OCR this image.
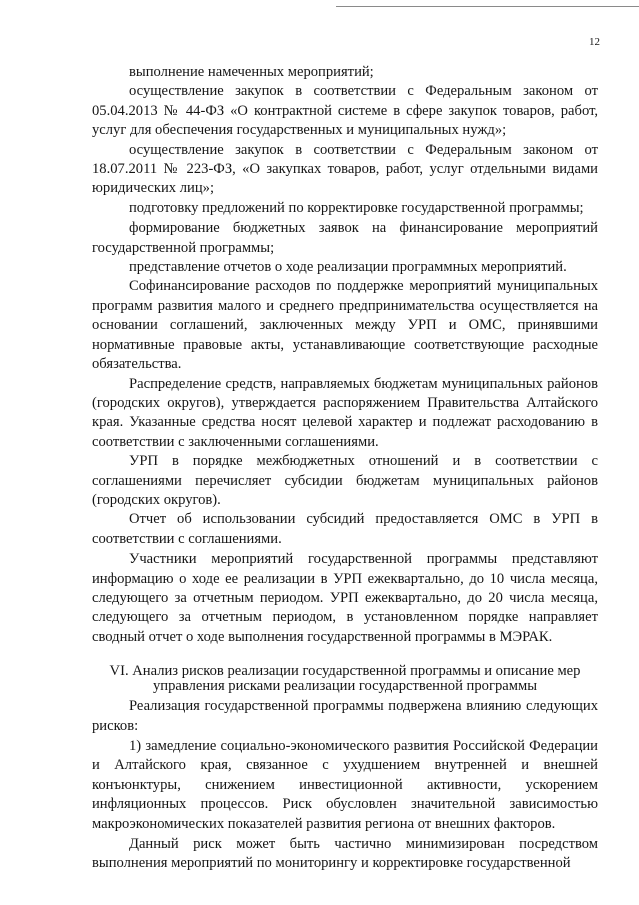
12

выполнение намеченных мероприятий;

осуществление закупок в соответствии с Федеральным законом от 05.04.2013 № 44-ФЗ «О контрактной системе в сфере закупок товаров, работ, услуг для обеспечения государственных и муниципальных нужд»;

осуществление закупок в соответствии с Федеральным законом от 18.07.2011 № 223-ФЗ, «О закупках товаров, работ, услуг отдельными видами юридических лиц»;

подготовку предложений по корректировке государственной программы;

формирование бюджетных заявок на финансирование мероприятий государственной программы;

представление отчетов о ходе реализации программных мероприятий.

Софинансирование расходов по поддержке мероприятий муниципальных программ развития малого и среднего предпринимательства осуществляется на основании соглашений, заключенных между УРП и ОМС, принявшими нормативные правовые акты, устанавливающие соответствующие расходные обязательства.

Распределение средств, направляемых бюджетам муниципальных районов (городских округов), утверждается распоряжением Правительства Алтайского края. Указанные средства носят целевой характер и подлежат расходованию в соответствии с заключенными соглашениями.

УРП в порядке межбюджетных отношений и в соответствии с соглашениями перечисляет субсидии бюджетам муниципальных районов (городских округов).

Отчет об использовании субсидий предоставляется ОМС в УРП в соответствии с соглашениями.

Участники мероприятий государственной программы представляют информацию о ходе ее реализации в УРП ежеквартально, до 10 числа месяца, следующего за отчетным периодом. УРП ежеквартально, до 20 числа месяца, следующего за отчетным периодом, в установленном порядке направляет сводный отчет о ходе выполнения государственной программы в МЭРАК.

VI. Анализ рисков реализации государственной программы и описание мер управления рисками реализации государственной программы

Реализация государственной программы подвержена влиянию следующих рисков:

1) замедление социально-экономического развития Российской Федерации и Алтайского края, связанное с ухудшением внутренней и внешней конъюнктуры, снижением инвестиционной активности, ускорением инфляционных процессов. Риск обусловлен значительной зависимостью макроэкономических показателей развития региона от внешних факторов.

Данный риск может быть частично минимизирован посредством выполнения мероприятий по мониторингу и корректировке государственной
